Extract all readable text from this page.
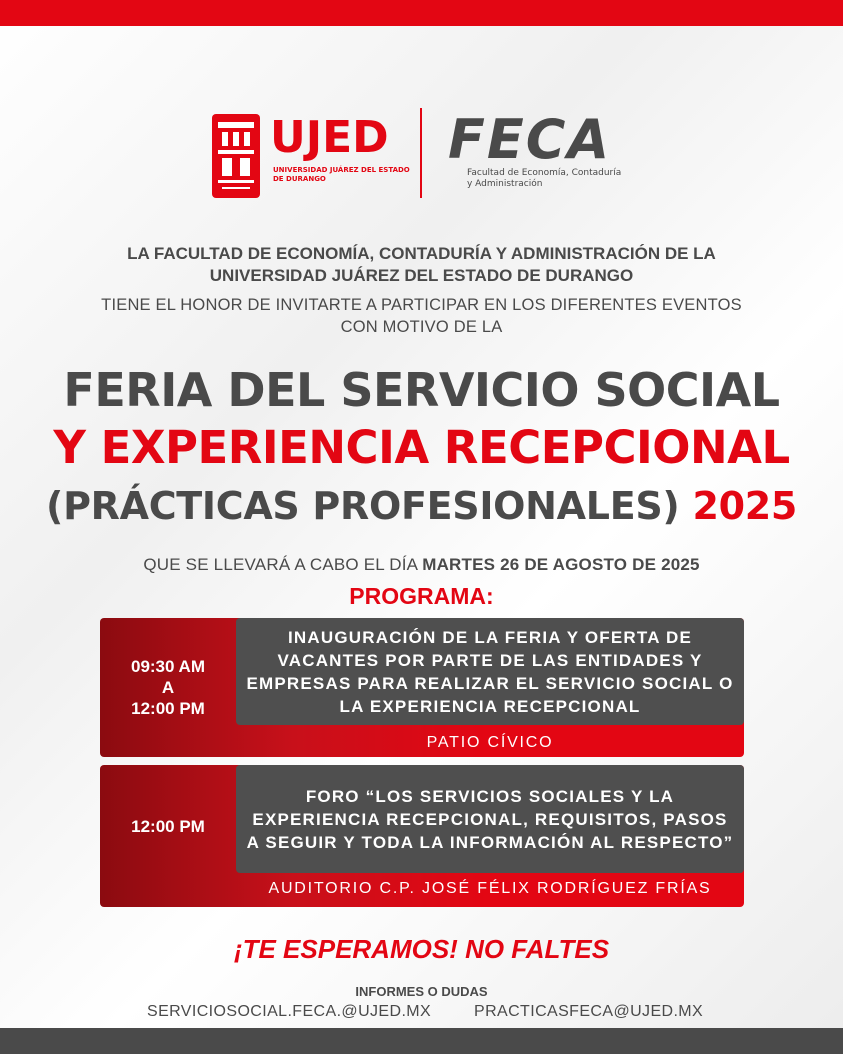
UJED
UNIVERSIDAD JUÁREZ DEL ESTADO DE DURANGO
FECA
Facultad de Economía, Contaduría y Administración
LA FACULTAD DE ECONOMÍA, CONTADURÍA Y ADMINISTRACIÓN DE LA
UNIVERSIDAD JUÁREZ DEL ESTADO DE DURANGO
TIENE EL HONOR DE INVITARTE A PARTICIPAR EN LOS DIFERENTES EVENTOS
CON MOTIVO DE LA
FERIA DEL SERVICIO SOCIAL
Y EXPERIENCIA RECEPCIONAL
(PRÁCTICAS PROFESIONALES) 2025
QUE SE LLEVARÁ A CABO EL DÍA MARTES 26 DE AGOSTO DE 2025
PROGRAMA:
09:30 AM
A
12:00 PM
INAUGURACIÓN DE LA FERIA Y OFERTA DE VACANTES POR PARTE DE LAS ENTIDADES Y EMPRESAS PARA REALIZAR EL SERVICIO SOCIAL O LA EXPERIENCIA RECEPCIONAL
PATIO CÍVICO
12:00 PM
FORO “LOS SERVICIOS SOCIALES Y LA EXPERIENCIA RECEPCIONAL, REQUISITOS, PASOS A SEGUIR Y TODA LA INFORMACIÓN AL RESPECTO”
AUDITORIO C.P. JOSÉ FÉLIX RODRÍGUEZ FRÍAS
¡TE ESPERAMOS! NO FALTES
INFORMES O DUDAS
SERVICIOSOCIAL.FECA.@UJED.MX	PRACTICASFECA@UJED.MX
